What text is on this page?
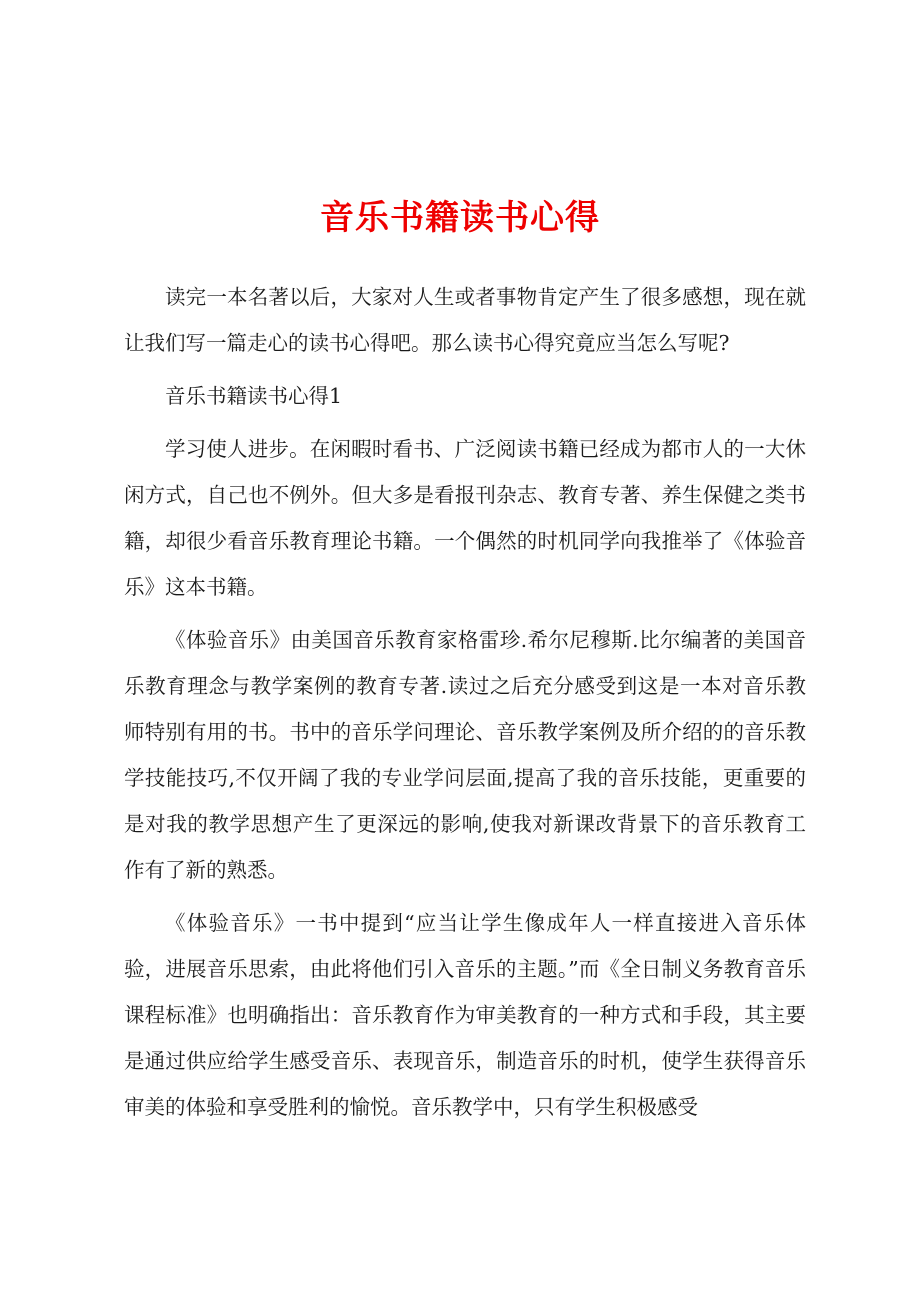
音乐书籍读书心得

读完一本名著以后，大家对人生或者事物肯定产生了很多感想，现在就让我们写一篇走心的读书心得吧。那么读书心得究竟应当怎么写呢?

音乐书籍读书心得1

学习使人进步。在闲暇时看书、广泛阅读书籍已经成为都市人的一大休闲方式，自己也不例外。但大多是看报刊杂志、教育专著、养生保健之类书籍，却很少看音乐教育理论书籍。一个偶然的时机同学向我推举了《体验音乐》这本书籍。

《体验音乐》由美国音乐教育家格雷珍.希尔尼穆斯.比尔编著的美国音乐教育理念与教学案例的教育专著.读过之后充分感受到这是一本对音乐教师特别有用的书。书中的音乐学问理论、音乐教学案例及所介绍的的音乐教学技能技巧,不仅开阔了我的专业学问层面,提高了我的音乐技能，更重要的是对我的教学思想产生了更深远的影响,使我对新课改背景下的音乐教育工作有了新的熟悉。

《体验音乐》一书中提到“应当让学生像成年人一样直接进入音乐体验，进展音乐思索，由此将他们引入音乐的主题。”而《全日制义务教育音乐课程标准》也明确指出：音乐教育作为审美教育的一种方式和手段，其主要是通过供应给学生感受音乐、表现音乐，制造音乐的时机，使学生获得音乐审美的体验和享受胜利的愉悦。音乐教学中，只有学生积极感受
